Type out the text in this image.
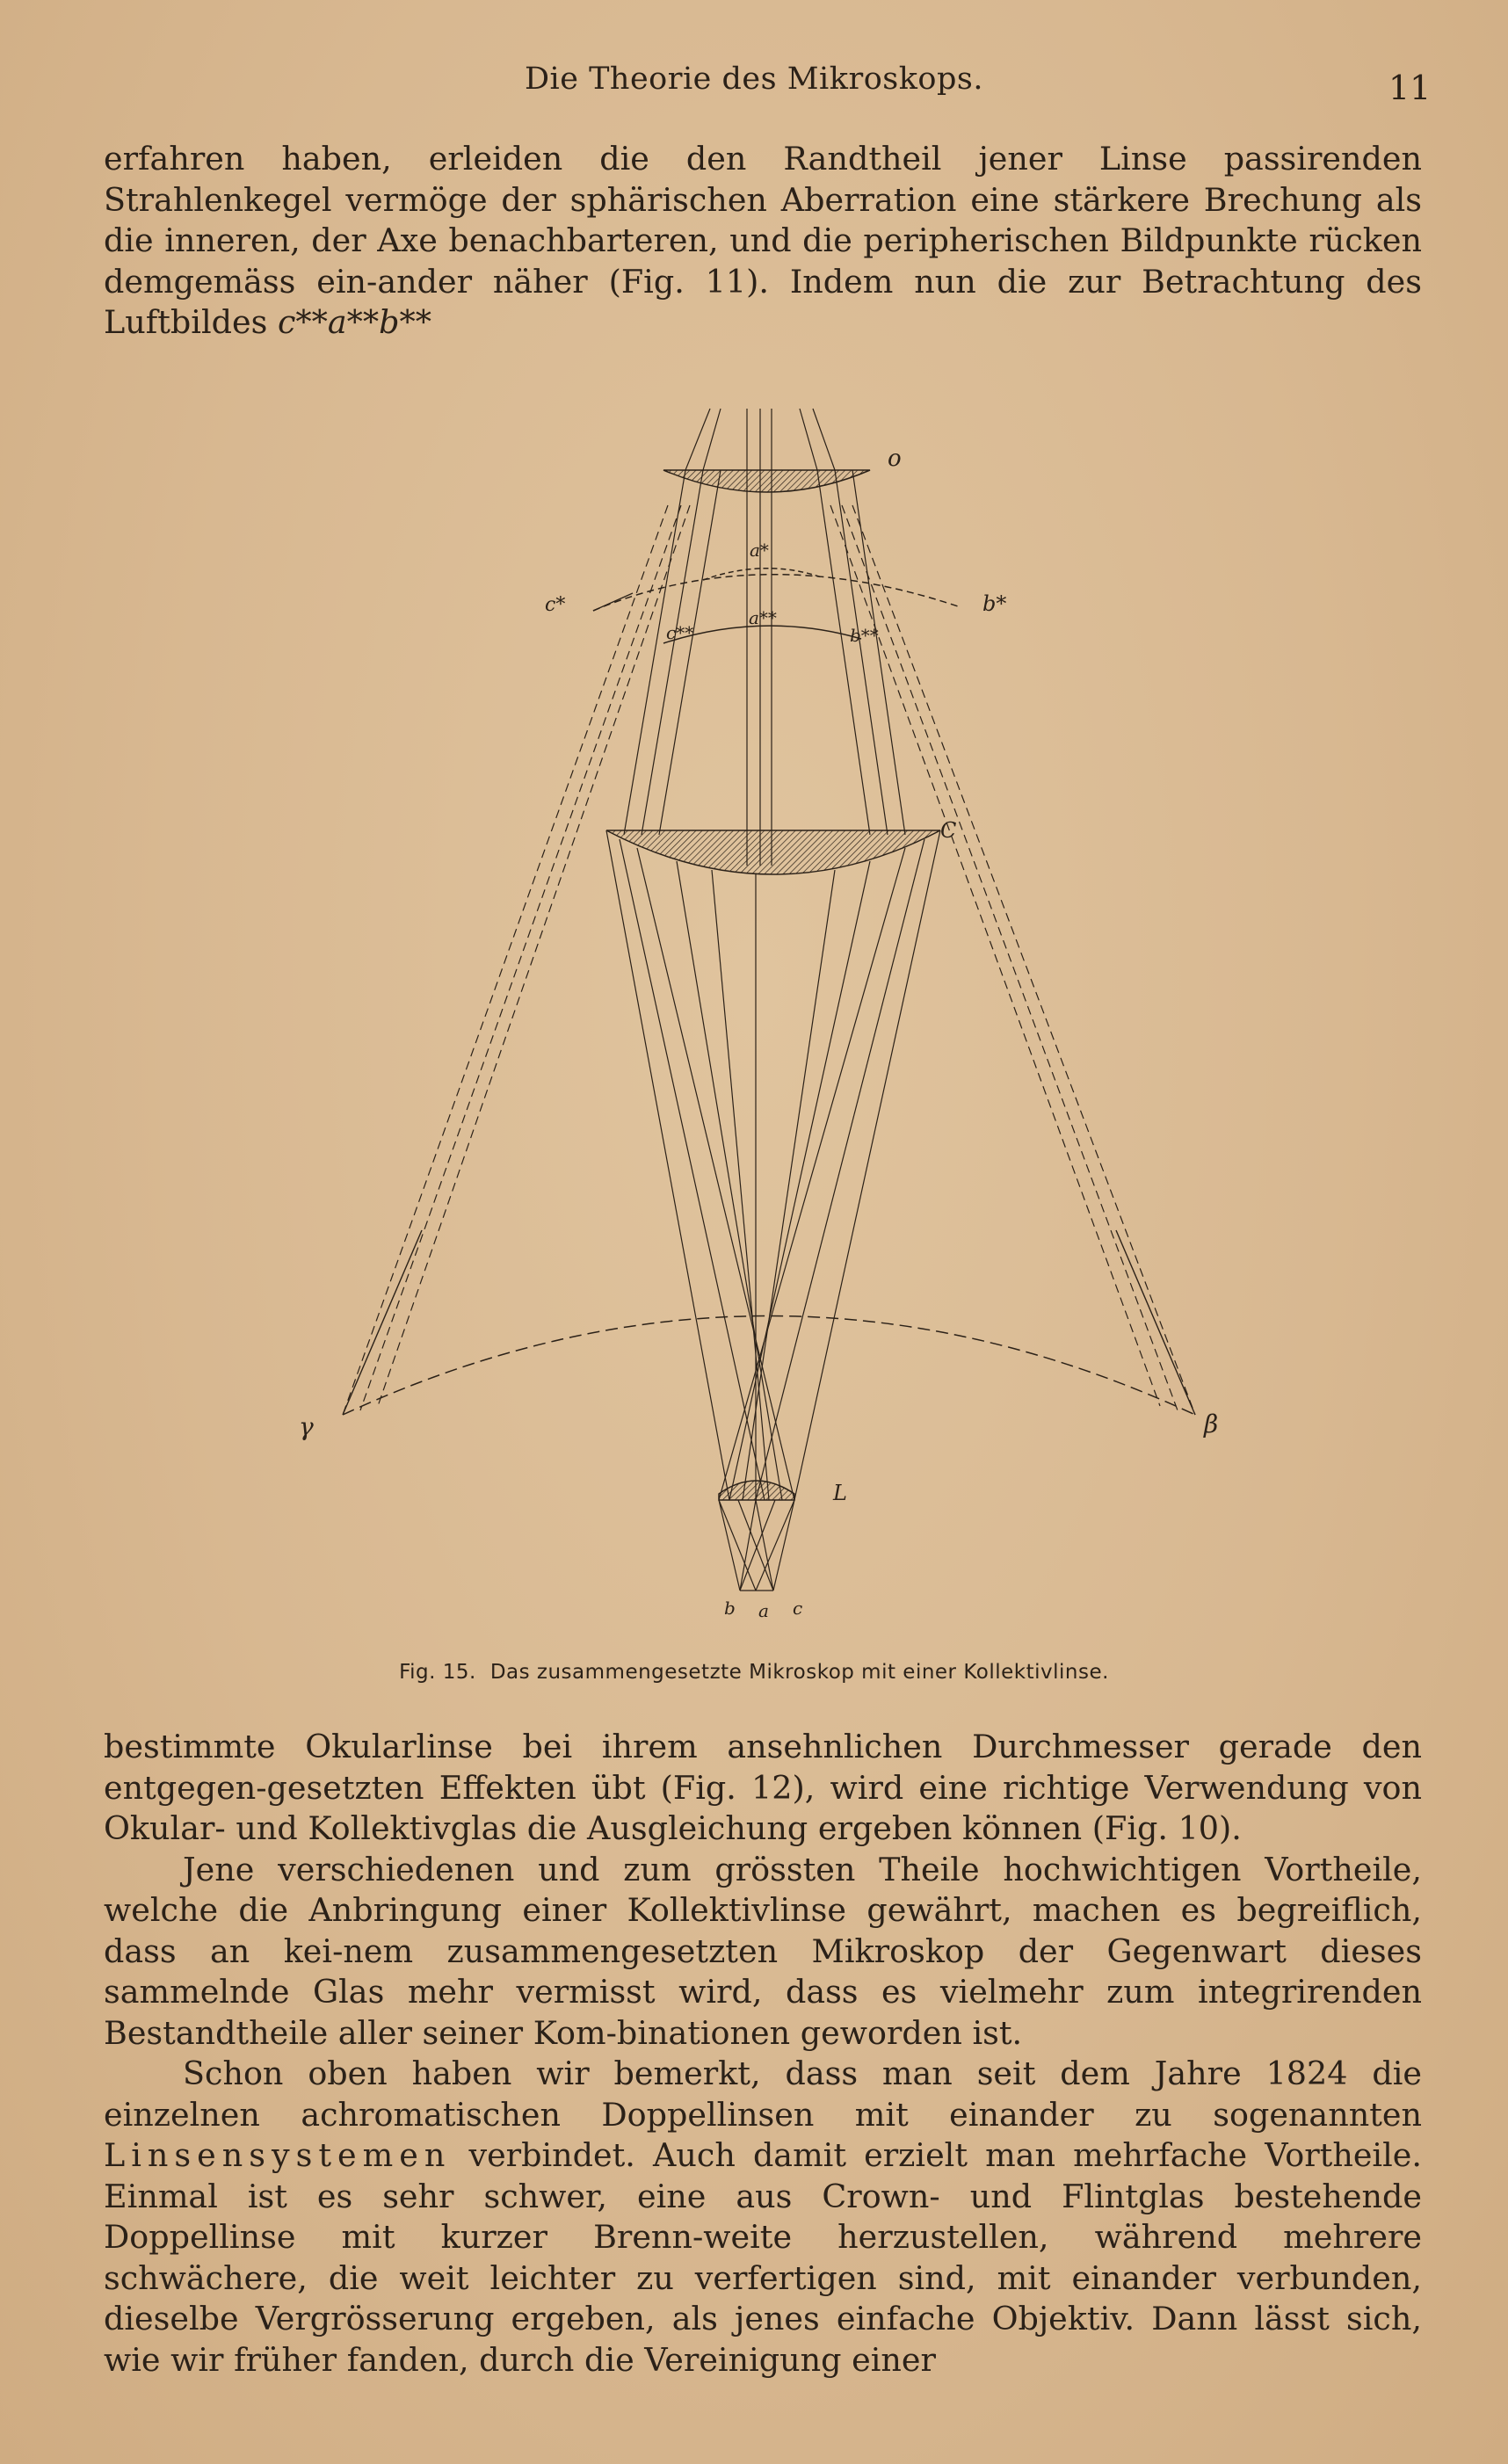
Die Theorie des Mikroskops.	11

erfahren haben, erleiden die den Randtheil jener Linse passirenden Strahlenkegel vermöge der sphärischen Aberration eine stärkere Brechung als die inneren, der Axe benachbarteren, und die peripherischen Bildpunkte rücken demgemäss ein-ander näher (Fig. 11). Indem nun die zur Betrachtung des Luftbildes c**a**b**

o
b*
c*
a*
c**
a**
b**
C
γ	β
L
b a c
Fig. 15. Das zusammengesetzte Mikroskop mit einer Kollektivlinse.

bestimmte Okularlinse bei ihrem ansehnlichen Durchmesser gerade den entgegen-gesetzten Effekten übt (Fig. 12), wird eine richtige Verwendung von Okular- und Kollektivglas die Ausgleichung ergeben können (Fig. 10).

Jene verschiedenen und zum grössten Theile hochwichtigen Vortheile, welche die Anbringung einer Kollektivlinse gewährt, machen es begreiflich, dass an kei-nem zusammengesetzten Mikroskop der Gegenwart dieses sammelnde Glas mehr vermisst wird, dass es vielmehr zum integrirenden Bestandtheile aller seiner Kom-binationen geworden ist.

Schon oben haben wir bemerkt, dass man seit dem Jahre 1824 die einzelnen achromatischen Doppellinsen mit einander zu sogenannten Linsensystemen verbindet. Auch damit erzielt man mehrfache Vortheile. Einmal ist es sehr schwer, eine aus Crown- und Flintglas bestehende Doppellinse mit kurzer Brenn-weite herzustellen, während mehrere schwächere, die weit leichter zu verfertigen sind, mit einander verbunden, dieselbe Vergrösserung ergeben, als jenes einfache Objektiv. Dann lässt sich, wie wir früher fanden, durch die Vereinigung einer
